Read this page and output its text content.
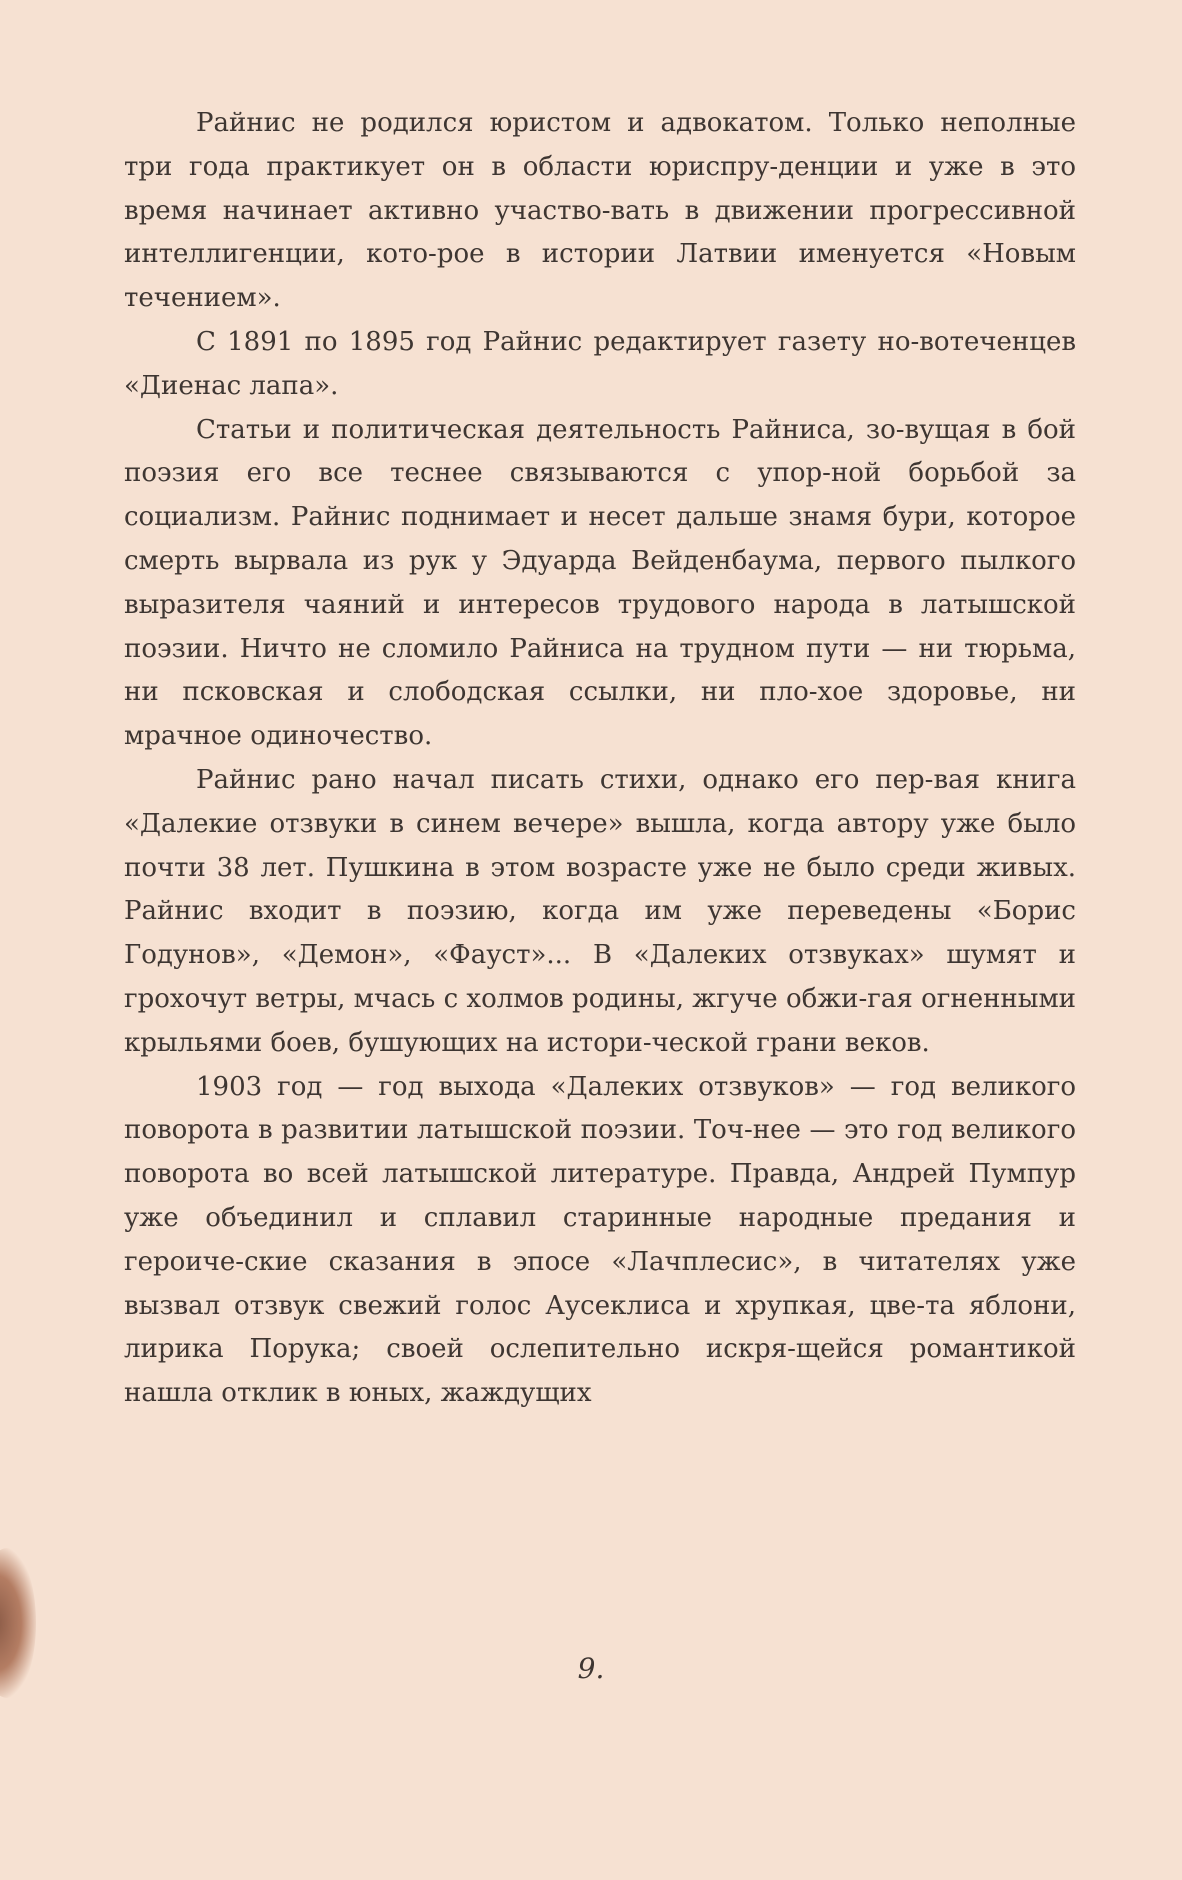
Райнис не родился юристом и адвокатом. Только неполные три года практикует он в области юриспру-денции и уже в это время начинает активно участво-вать в движении прогрессивной интеллигенции, кото-рое в истории Латвии именуется «Новым течением».

С 1891 по 1895 год Райнис редактирует газету но-вотеченцев «Диенас лапа».

Статьи и политическая деятельность Райниса, зо-вущая в бой поэзия его все теснее связываются с упор-ной борьбой за социализм. Райнис поднимает и несет дальше знамя бури, которое смерть вырвала из рук у Эдуарда Вейденбаума, первого пылкого выразителя чаяний и интересов трудового народа в латышской поэзии. Ничто не сломило Райниса на трудном пути — ни тюрьма, ни псковская и слободская ссылки, ни пло-хое здоровье, ни мрачное одиночество.

Райнис рано начал писать стихи, однако его пер-вая книга «Далекие отзвуки в синем вечере» вышла, когда автору уже было почти 38 лет. Пушкина в этом возрасте уже не было среди живых. Райнис входит в поэзию, когда им уже переведены «Борис Годунов», «Демон», «Фауст»... В «Далеких отзвуках» шумят и грохочут ветры, мчась с холмов родины, жгуче обжи-гая огненными крыльями боев, бушующих на истори-ческой грани веков.

1903 год — год выхода «Далеких отзвуков» — год великого поворота в развитии латышской поэзии. Точ-нее — это год великого поворота во всей латышской литературе. Правда, Андрей Пумпур уже объединил и сплавил старинные народные предания и героиче-ские сказания в эпосе «Лачплесис», в читателях уже вызвал отзвук свежий голос Аусеклиса и хрупкая, цве-та яблони, лирика Порука; своей ослепительно искря-щейся романтикой нашла отклик в юных, жаждущих

9.
